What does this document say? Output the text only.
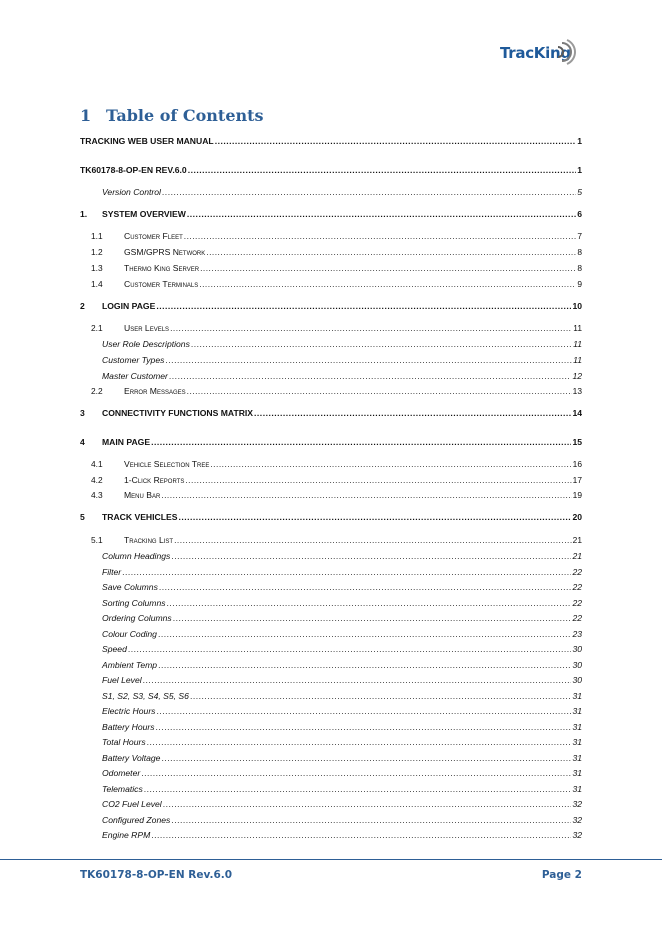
TracKing
1 Table of Contents
TRACKING WEB USER MANUAL .....	1
TK60178-8-OP-EN REV.6.0 .....	1
Version Control .....	5
1.	SYSTEM OVERVIEW .....	6
1.1	Customer Fleet .....	7
1.2	GSM/GPRS Network .....	8
1.3	Thermo King Server .....	8
1.4	Customer Terminals .....	9
2	LOGIN PAGE .....	10
2.1	User Levels .....	11
User Role Descriptions .....	11
Customer Types .....	11
Master Customer .....	12
2.2	Error Messages .....	13
3	CONNECTIVITY FUNCTIONS MATRIX .....	14
4	MAIN PAGE .....	15
4.1	Vehicle Selection Tree .....	16
4.2	1-Click Reports .....	17
4.3	Menu Bar .....	19
5	TRACK VEHICLES .....	20
5.1	Tracking List .....	21
Column Headings .....	21
Filter .....	22
Save Columns .....	22
Sorting Columns .....	22
Ordering Columns .....	22
Colour Coding .....	23
Speed .....	30
Ambient Temp .....	30
Fuel Level .....	30
S1, S2, S3, S4, S5, S6 .....	31
Electric Hours .....	31
Battery Hours .....	31
Total Hours .....	31
Battery Voltage .....	31
Odometer .....	31
Telematics .....	31
CO2 Fuel Level .....	32
Configured Zones .....	32
Engine RPM .....	32
TK60178-8-OP-EN Rev.6.0	Page 2
